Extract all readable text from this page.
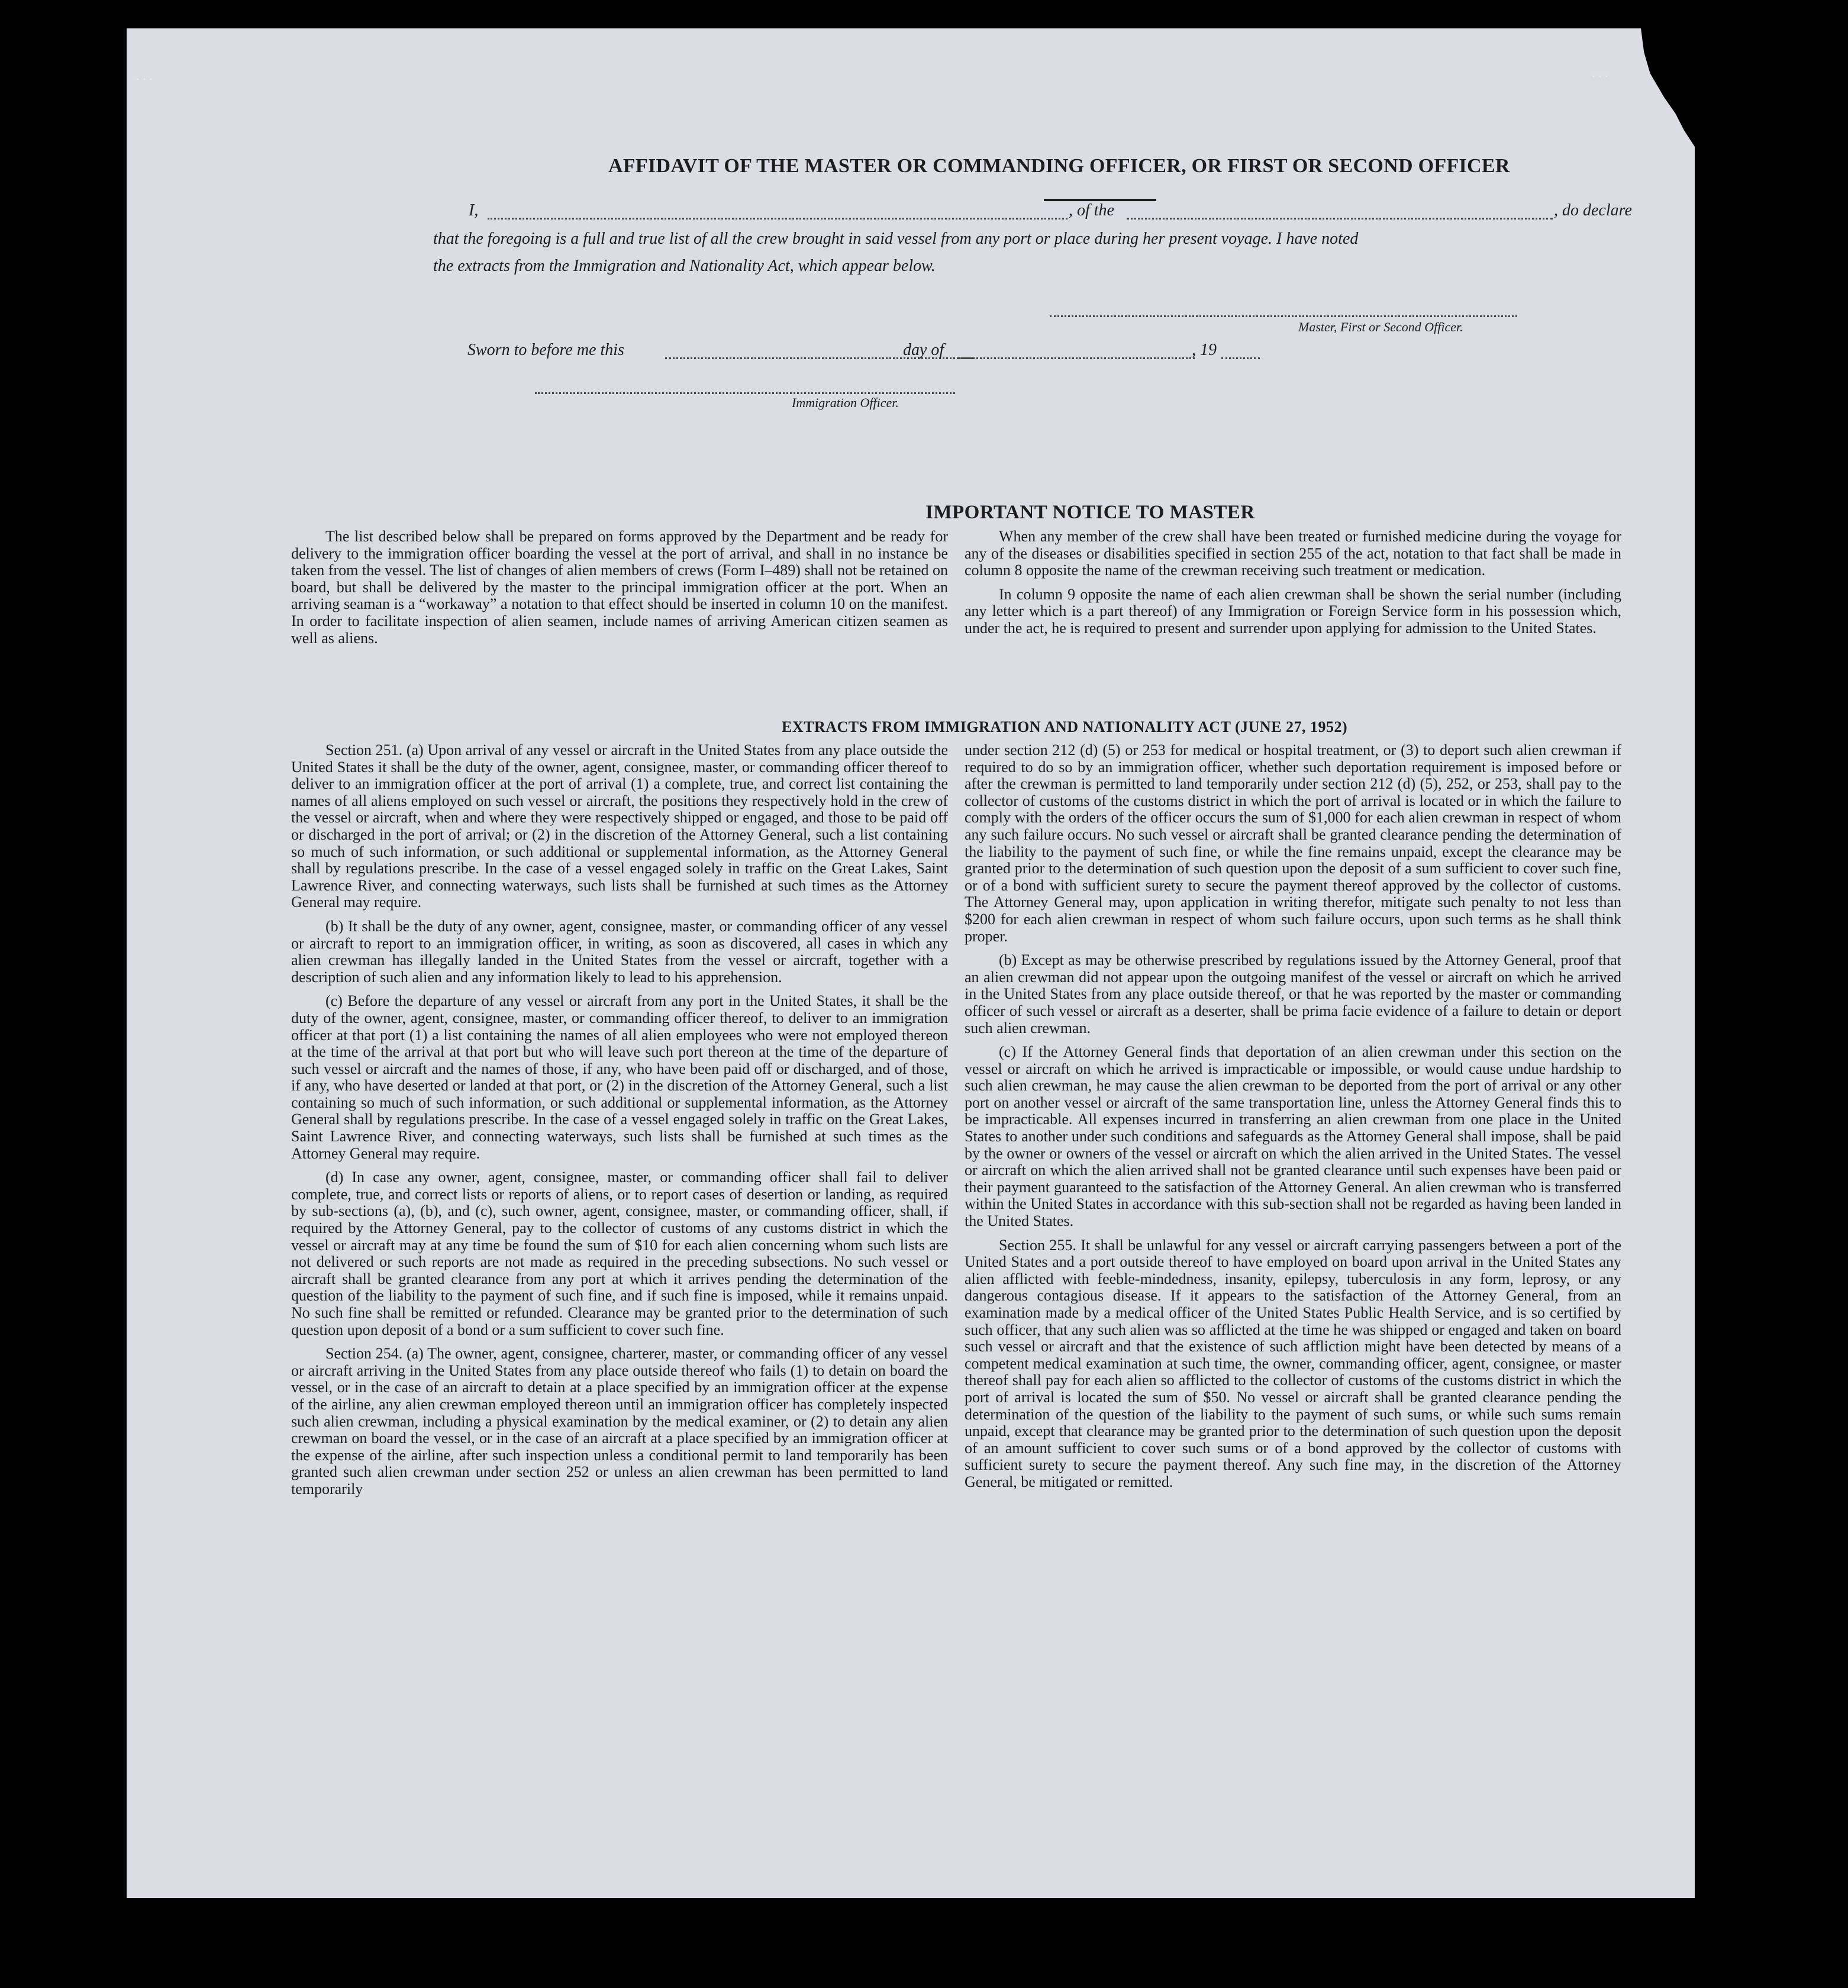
AFFIDAVIT OF THE MASTER OR COMMANDING OFFICER, OR FIRST OR SECOND OFFICER
I,	, of the	, do declare
that the foregoing is a full and true list of all the crew brought in said vessel from any port or place during her present voyage. I have noted
the extracts from the Immigration and Nationality Act, which appear below.
Master, First or Second Officer.
Sworn to before me this	day of	, 19
Immigration Officer.
IMPORTANT NOTICE TO MASTER

The list described below shall be prepared on forms approved by the Department and be ready for delivery to the immigration officer boarding the vessel at the port of arrival, and shall in no instance be taken from the vessel. The list of changes of alien members of crews (Form I–489) shall not be retained on board, but shall be delivered by the master to the principal immigration officer at the port. When an arriving seaman is a “workaway” a notation to that effect should be inserted in column 10 on the manifest. In order to facilitate inspection of alien seamen, include names of arriving American citizen seamen as well as aliens.

When any member of the crew shall have been treated or furnished medicine during the voyage for any of the diseases or disabilities specified in section 255 of the act, notation to that fact shall be made in column 8 opposite the name of the crewman receiving such treatment or medication.

In column 9 opposite the name of each alien crewman shall be shown the serial number (including any letter which is a part thereof) of any Immigration or Foreign Service form in his possession which, under the act, he is required to present and surrender upon applying for admission to the United States.

EXTRACTS FROM IMMIGRATION AND NATIONALITY ACT (JUNE 27, 1952)

Section 251. (a) Upon arrival of any vessel or aircraft in the United States from any place outside the United States it shall be the duty of the owner, agent, consignee, master, or commanding officer thereof to deliver to an immigration officer at the port of arrival (1) a complete, true, and correct list containing the names of all aliens employed on such vessel or aircraft, the positions they respectively hold in the crew of the vessel or aircraft, when and where they were respectively shipped or engaged, and those to be paid off or discharged in the port of arrival; or (2) in the discretion of the Attorney General, such a list containing so much of such information, or such additional or supplemental information, as the Attorney General shall by regulations prescribe. In the case of a vessel engaged solely in traffic on the Great Lakes, Saint Lawrence River, and connecting waterways, such lists shall be furnished at such times as the Attorney General may require.

(b) It shall be the duty of any owner, agent, consignee, master, or commanding officer of any vessel or aircraft to report to an immigration officer, in writing, as soon as discovered, all cases in which any alien crewman has illegally landed in the United States from the vessel or aircraft, together with a description of such alien and any information likely to lead to his apprehension.

(c) Before the departure of any vessel or aircraft from any port in the United States, it shall be the duty of the owner, agent, consignee, master, or commanding officer thereof, to deliver to an immigration officer at that port (1) a list containing the names of all alien employees who were not employed thereon at the time of the arrival at that port but who will leave such port thereon at the time of the departure of such vessel or aircraft and the names of those, if any, who have been paid off or discharged, and of those, if any, who have deserted or landed at that port, or (2) in the discretion of the Attorney General, such a list containing so much of such information, or such additional or supplemental information, as the Attorney General shall by regulations prescribe. In the case of a vessel engaged solely in traffic on the Great Lakes, Saint Lawrence River, and connecting waterways, such lists shall be furnished at such times as the Attorney General may require.

(d) In case any owner, agent, consignee, master, or commanding officer shall fail to deliver complete, true, and correct lists or reports of aliens, or to report cases of desertion or landing, as required by sub-sections (a), (b), and (c), such owner, agent, consignee, master, or commanding officer, shall, if required by the Attorney General, pay to the collector of customs of any customs district in which the vessel or aircraft may at any time be found the sum of $10 for each alien concerning whom such lists are not delivered or such reports are not made as required in the preceding subsections. No such vessel or aircraft shall be granted clearance from any port at which it arrives pending the determination of the question of the liability to the payment of such fine, and if such fine is imposed, while it remains unpaid. No such fine shall be remitted or refunded. Clearance may be granted prior to the determination of such question upon deposit of a bond or a sum sufficient to cover such fine.

Section 254. (a) The owner, agent, consignee, charterer, master, or commanding officer of any vessel or aircraft arriving in the United States from any place outside thereof who fails (1) to detain on board the vessel, or in the case of an aircraft to detain at a place specified by an immigration officer at the expense of the airline, any alien crewman employed thereon until an immigration officer has completely inspected such alien crewman, including a physical examination by the medical examiner, or (2) to detain any alien crewman on board the vessel, or in the case of an aircraft at a place specified by an immigration officer at the expense of the airline, after such inspection unless a conditional permit to land temporarily has been granted such alien crewman under section 252 or unless an alien crewman has been permitted to land temporarily

under section 212 (d) (5) or 253 for medical or hospital treatment, or (3) to deport such alien crewman if required to do so by an immigration officer, whether such deportation requirement is imposed before or after the crewman is permitted to land temporarily under section 212 (d) (5), 252, or 253, shall pay to the collector of customs of the customs district in which the port of arrival is located or in which the failure to comply with the orders of the officer occurs the sum of $1,000 for each alien crewman in respect of whom any such failure occurs. No such vessel or aircraft shall be granted clearance pending the determination of the liability to the payment of such fine, or while the fine remains unpaid, except the clearance may be granted prior to the determination of such question upon the deposit of a sum sufficient to cover such fine, or of a bond with sufficient surety to secure the payment thereof approved by the collector of customs. The Attorney General may, upon application in writing therefor, mitigate such penalty to not less than $200 for each alien crewman in respect of whom such failure occurs, upon such terms as he shall think proper.

(b) Except as may be otherwise prescribed by regulations issued by the Attorney General, proof that an alien crewman did not appear upon the outgoing manifest of the vessel or aircraft on which he arrived in the United States from any place outside thereof, or that he was reported by the master or commanding officer of such vessel or aircraft as a deserter, shall be prima facie evidence of a failure to detain or deport such alien crewman.

(c) If the Attorney General finds that deportation of an alien crewman under this section on the vessel or aircraft on which he arrived is impracticable or impossible, or would cause undue hardship to such alien crewman, he may cause the alien crewman to be deported from the port of arrival or any other port on another vessel or aircraft of the same transportation line, unless the Attorney General finds this to be impracticable. All expenses incurred in transferring an alien crewman from one place in the United States to another under such conditions and safeguards as the Attorney General shall impose, shall be paid by the owner or owners of the vessel or aircraft on which the alien arrived in the United States. The vessel or aircraft on which the alien arrived shall not be granted clearance until such expenses have been paid or their payment guaranteed to the satisfaction of the Attorney General. An alien crewman who is transferred within the United States in accordance with this sub-section shall not be regarded as having been landed in the United States.

Section 255. It shall be unlawful for any vessel or aircraft carrying passengers between a port of the United States and a port outside thereof to have employed on board upon arrival in the United States any alien afflicted with feeble-mindedness, insanity, epilepsy, tuberculosis in any form, leprosy, or any dangerous contagious disease. If it appears to the satisfaction of the Attorney General, from an examination made by a medical officer of the United States Public Health Service, and is so certified by such officer, that any such alien was so afflicted at the time he was shipped or engaged and taken on board such vessel or aircraft and that the existence of such affliction might have been detected by means of a competent medical examination at such time, the owner, commanding officer, agent, consignee, or master thereof shall pay for each alien so afflicted to the collector of customs of the customs district in which the port of arrival is located the sum of $50. No vessel or aircraft shall be granted clearance pending the determination of the question of the liability to the payment of such sums, or while such sums remain unpaid, except that clearance may be granted prior to the determination of such question upon the deposit of an amount sufficient to cover such sums or of a bond approved by the collector of customs with sufficient surety to secure the payment thereof. Any such fine may, in the discretion of the Attorney General, be mitigated or remitted.

. . .	. . .
